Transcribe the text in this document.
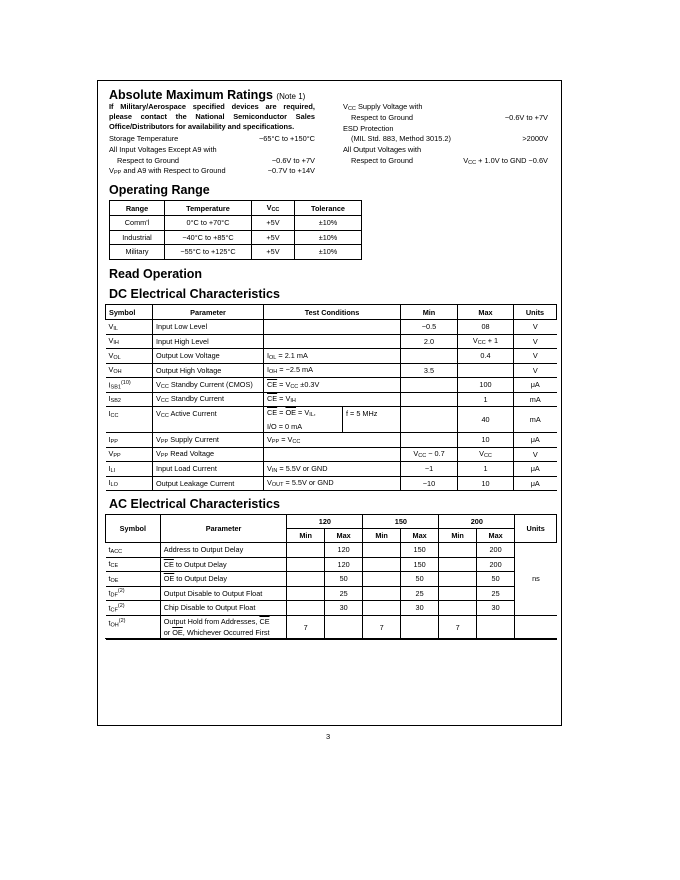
Absolute Maximum Ratings (Note 1)
If Military/Aerospace specified devices are required,
please contact the National Semiconductor Sales
Office/Distributors for availability and specifications.
Storage Temperature	−65°C to +150°C
All Input Voltages Except A9 with
Respect to Ground	−0.6V to +7V
$V_{PP}$ and A9 with Respect to Ground	−0.7V to +14V
$V_{CC}$ Supply Voltage with
Respect to Ground	−0.6V to +7V
ESD Protection
(MIL Std. 883, Method 3015.2)	>2000V
All Output Voltages with
Respect to Ground	$V_{CC} + 1.0V$ to GND −0.6V
Operating Range
Range	Temperature	$V_{CC}$	Tolerance
Comm'l	0°C to +70°C	+5V	±10%
Industrial	−40°C to +85°C	+5V	±10%
Military	−55°C to +125°C	+5V	±10%
Read Operation
DC Electrical Characteristics
Symbol	Parameter	Test Conditions		Min	Max	Units
$V_{IL}$	Input Low Level			−0.5	08	V
$V_{IH}$	Input High Level			2.0	$V_{CC} + 1$	V
$V_{OL}$	Output Low Voltage	$I_{OL} = 2.1$ mA			0.4	V
$V_{OH}$	Output High Voltage	$I_{OH} = -2.5$ mA		3.5		V
$I_{SB1}^{(10)}$	$V_{CC}$ Standby Current (CMOS)	$\overline{CE} = V_{CC} \pm 0.3V$			100	μA
$I_{SB2}$	$V_{CC}$ Standby Current	$\overline{CE} = V_{IH}$			1	mA
$I_{CC}$	$V_{CC}$ Active Current	$\overline{CE} = \overline{OE} = V_{IL}$,
I/O = 0 mA	f = 5 MHz		40	mA
$I_{PP}$	$V_{PP}$ Supply Current	$V_{PP} = V_{CC}$			10	μA
$V_{PP}$	$V_{PP}$ Read Voltage			$V_{CC} - 0.7$	$V_{CC}$	V
$I_{LI}$	Input Load Current	$V_{IN} = 5.5V$ or GND		−1	1	μA
$I_{LO}$	Output Leakage Current	$V_{OUT} = 5.5V$ or GND		−10	10	μA
AC Electrical Characteristics
Symbol	Parameter	120		150		200		Units
		Min	Max	Min	Max	Min	Max	
$t_{ACC}$	Address to Output Delay		120		150		200	ns
$t_{CE}$	$\overline{CE}$ to Output Delay		120		150		200	
$t_{OE}$	$\overline{OE}$ to Output Delay		50		50		50	
$t_{DF}^{(2)}$	Output Disable to Output Float		25		25		25	
$t_{CF}^{(2)}$	Chip Disable to Output Float		30		30		30	
$t_{OH}^{(2)}$	Output Hold from Addresses, $\overline{CE}$
or $\overline{OE}$, Whichever Occurred First	7		7		7		
3
